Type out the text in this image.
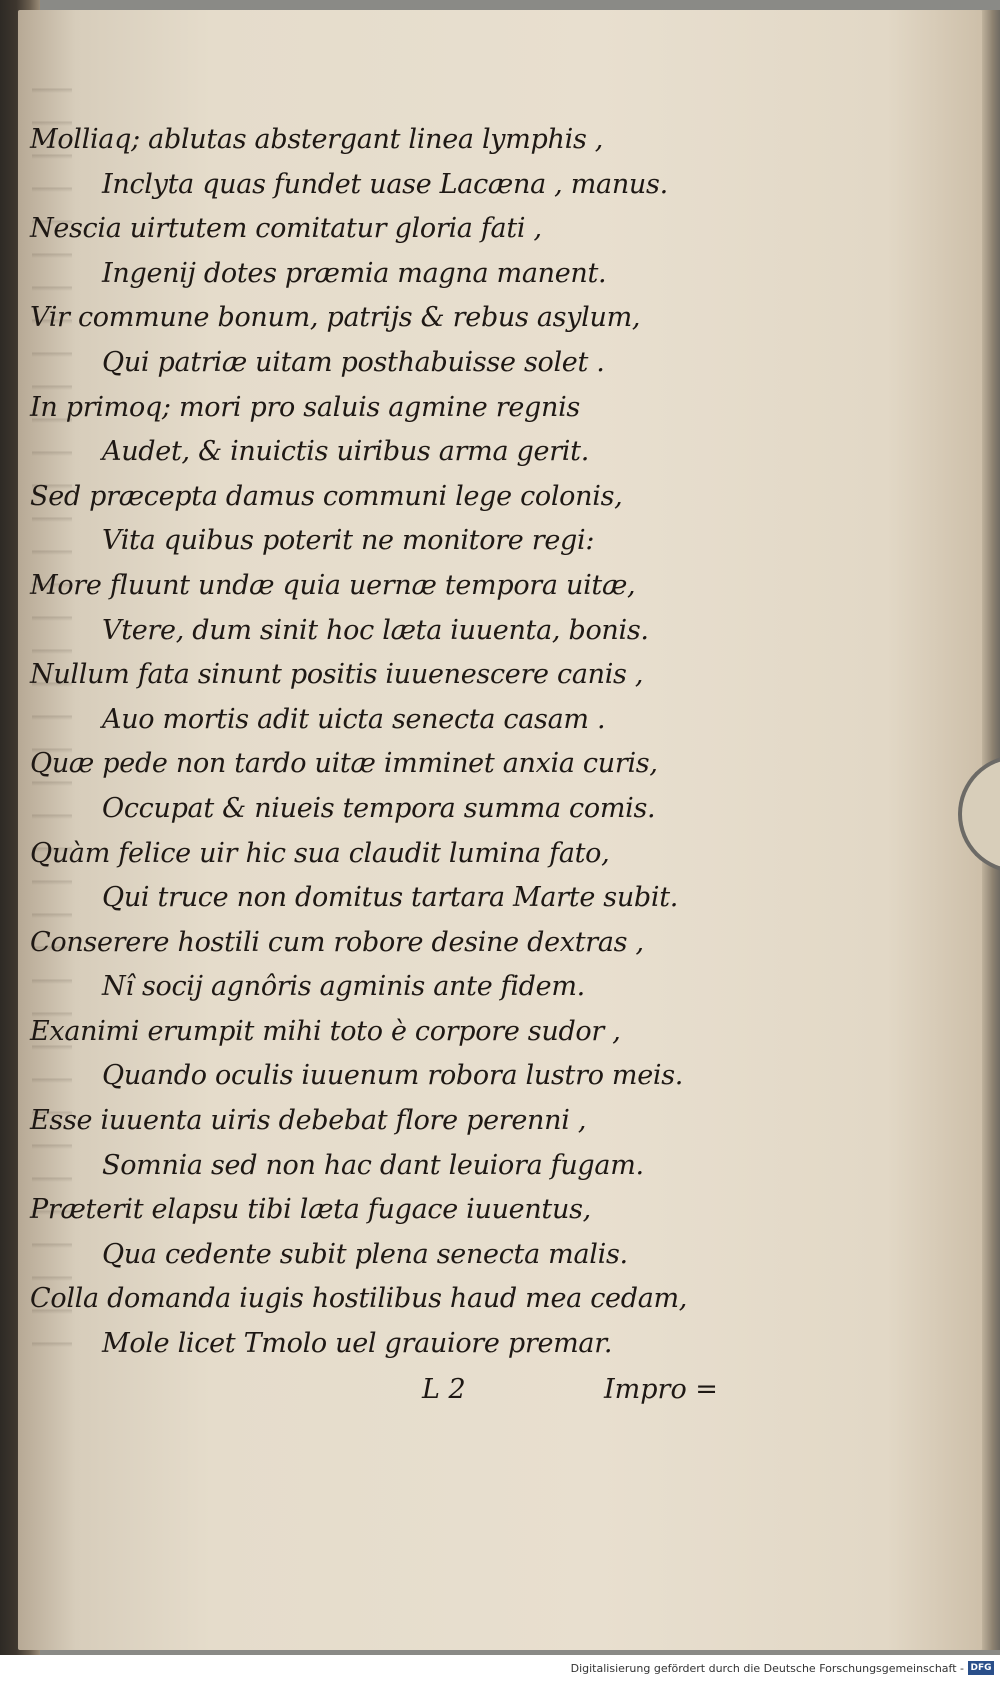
Molliaq; ablutas abstergant linea lymphis ,
Inclyta quas fundet uase Lacæna , manus.
Nescia uirtutem comitatur gloria fati ,
Ingenij dotes præmia magna manent.
Vir commune bonum, patrijs & rebus asylum,
Qui patriæ uitam posthabuisse solet .
In primoq; mori pro saluis agmine regnis
Audet, & inuictis uiribus arma gerit.
Sed præcepta damus communi lege colonis,
Vita quibus poterit ne monitore regi:
More fluunt undæ quia uernæ tempora uitæ,
Vtere, dum sinit hoc læta iuuenta, bonis.
Nullum fata sinunt positis iuuenescere canis ,
Auo mortis adit uicta senecta casam .
Quæ pede non tardo uitæ imminet anxia curis,
Occupat & niueis tempora summa comis.
Quàm felice uir hic sua claudit lumina fato,
Qui truce non domitus tartara Marte subit.
Conserere hostili cum robore desine dextras ,
Nî socij agnôris agminis ante fidem.
Exanimi erumpit mihi toto è corpore sudor ,
Quando oculis iuuenum robora lustro meis.
Esse iuuenta uiris debebat flore perenni ,
Somnia sed non hac dant leuiora fugam.
Præterit elapsu tibi læta fugace iuuentus,
Qua cedente subit plena senecta malis.
Colla domanda iugis hostilibus haud mea cedam,
Mole licet Tmolo uel grauiore premar.
L 2	Impro =
Digitalisierung gefördert durch die Deutsche Forschungsgemeinschaft - DFG
